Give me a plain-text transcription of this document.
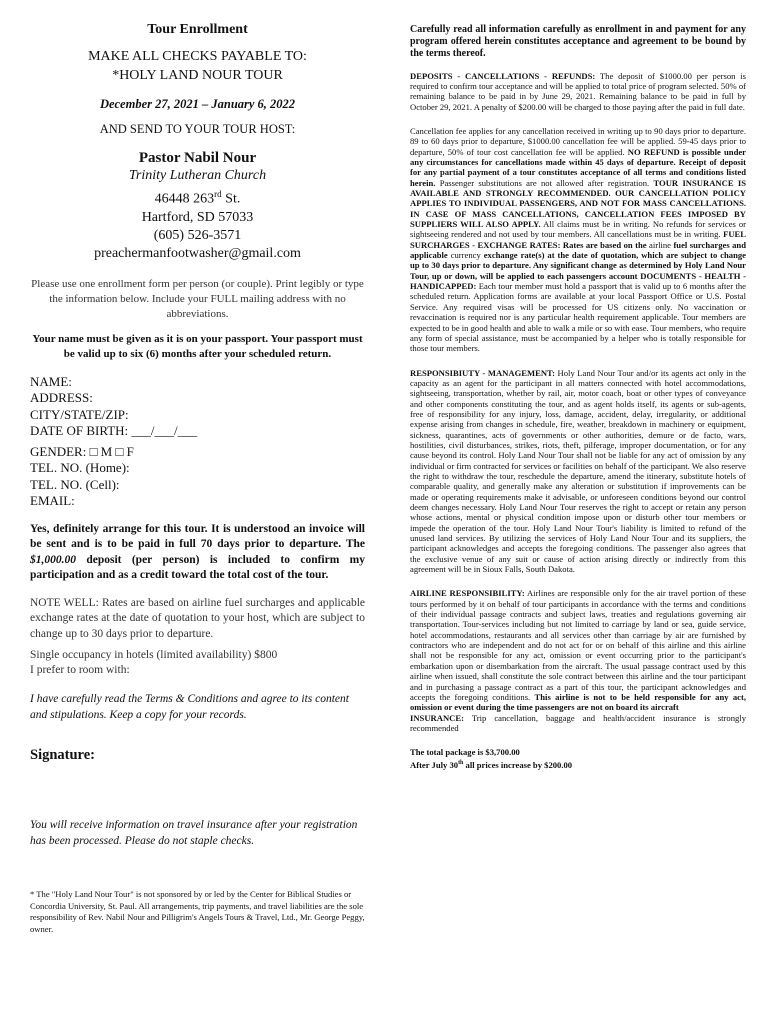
Tour Enrollment
MAKE ALL CHECKS PAYABLE TO:
*HOLY LAND NOUR TOUR
December 27, 2021 – January 6, 2022
AND SEND TO YOUR TOUR HOST:
Pastor Nabil Nour
Trinity Lutheran Church
46448 263rd St.
Hartford, SD 57033
(605) 526-3571
preachermanfootwasher@gmail.com
Please use one enrollment form per person (or couple). Print legibly or type the information below. Include your FULL mailing address with no abbreviations.
Your name must be given as it is on your passport. Your passport must be valid up to six (6) months after your scheduled return.
NAME:
ADDRESS:
CITY/STATE/ZIP:
DATE OF BIRTH: ___/___/___
GENDER: □ M □ F
TEL. NO. (Home):
TEL. NO. (Cell):
EMAIL:
Yes, definitely arrange for this tour. It is understood an invoice will be sent and is to be paid in full 70 days prior to departure. The $1,000.00 deposit (per person) is included to confirm my participation and as a credit toward the total cost of the tour.
NOTE WELL: Rates are based on airline fuel surcharges and applicable exchange rates at the date of quotation to your host, which are subject to change up to 30 days prior to departure.
Single occupancy in hotels (limited availability) $800
I prefer to room with:
I have carefully read the Terms & Conditions and agree to its content and stipulations. Keep a copy for your records.
Signature:
You will receive information on travel insurance after your registration has been processed. Please do not staple checks.
* The "Holy Land Nour Tour" is not sponsored by or led by the Center for Biblical Studies or Concordia University, St. Paul. All arrangements, trip payments, and travel liabilities are the sole responsibility of Rev. Nabil Nour and Pilligrim's Angels Tours & Travel, Ltd., Mr. George Peggy, owner.
Carefully read all information carefully as enrollment in and payment for any program offered herein constitutes acceptance and agreement to be bound by the terms thereof.
DEPOSITS - CANCELLATIONS - REFUNDS: The deposit of $1000.00 per person is required to confirm tour acceptance and will be applied to total price of program selected. 50% of remaining balance to be paid in by June 29, 2021. Remaining balance to be paid in full by October 29, 2021. A penalty of $200.00 will be charged to those paying after the paid in full date.
Cancellation fee applies for any cancellation received in writing up to 90 days prior to departure. 89 to 60 days prior to departure, $1000.00 cancellation fee will be applied. 59-45 days prior to departure, 50% of tour cost cancellation fee will be applied. NO REFUND is possible under any circumstances for cancellations made within 45 days of departure. Receipt of deposit for any partial payment of a tour constitutes acceptance of all terms and conditions listed herein. Passenger substitutions are not allowed after registration. TOUR INSURANCE IS AVAILABLE AND STRONGLY RECOMMENDED. OUR CANCELLATION POLICY APPLIES TO INDIVIDUAL PASSENGERS, AND NOT FOR MASS CANCELLATIONS. IN CASE OF MASS CANCELLATIONS, CANCELLATION FEES IMPOSED BY SUPPLIERS WILL ALSO APPLY. All claims must be in writing. No refunds for services or sightseeing rendered and not used by tour members. All cancellations must be in writing. FUEL SURCHARGES - EXCHANGE RATES: Rates are based on the airline fuel surcharges and applicable currency exchange rate(s) at the date of quotation, which are subject to change up to 30 days prior to departure. Any significant change as determined by Holy Land Nour Tour, up or down, will be applied to each passengers account DOCUMENTS - HEALTH - HANDICAPPED: Each tour member must hold a passport that is valid up to 6 months after the scheduled return. Application forms are available at your local Passport Office or U.S. Postal Service. Any required visas will be processed for US citizens only. No vaccination or revaccination is required nor is any particular health requirement applicable. Tour members are expected to be in good health and able to walk a mile or so with ease. Tour members, who require any form of special assistance, must be accompanied by a helper who is totally responsible for those tour members.
RESPONSIBIUTY - MANAGEMENT: Holy Land Nour Tour and/or its agents act only in the capacity as an agent for the participant in all matters connected with hotel accommodations, sightseeing, transportation, whether by rail, air, motor coach, boat or other types of conveyance and other components constituting the tour, and as agent holds itself, its agents or sub-agents, free of responsibility for any injury, loss, damage, accident, delay, irregularity, or additional expense arising from changes in schedule, fire, weather, breakdown in machinery or equipment, sickness, quarantines, acts of governments or other authorities, demure or de facto, wars, hostilities, civil disturbances, strikes, riots, theft, pilferage, improper documentation, or for any cause beyond its control. Holy Land Nour Tour shall not be liable for any act of omission by any individual or firm contracted for services or facilities on behalf of the participant. We also reserve the right to withdraw the tour, reschedule the departure, amend the itinerary, substitute hotels of comparable quality, and generally make any alteration or substitution if improvements can be made or operating requirements make it advisable, or unforeseen conditions beyond our control deem changes necessary. Holy Land Nour Tour reserves the right to accept or retain any person whose actions, mental or physical condition impose upon or disturb other tour members or impede the operation of the tour. Holy Land Nour Tour's liability is limited to refund of the unused land services. By utilizing the services of Holy Land Nour Tour and its suppliers, the participant acknowledges and accepts the foregoing conditions. The passenger also agrees that the exclusive venue of any suit or cause of action arising directly or indirectly from this agreement will be in Sioux Falls, South Dakota.
AIRLINE RESPONSIBILITY: Airlines are responsible only for the air travel portion of these tours performed by it on behalf of tour participants in accordance with the terms and conditions of their individual passage contracts and subject laws, treaties and regulations governing air transportation. Tour-services including but not limited to carriage by land or sea, guide service, hotel accommodations, restaurants and all services other than carriage by air are furnished by contractors who are independent and do not act for or on behalf of this airline and this airline shall not be responsible for any act, omission or event occurring prior to the participant's embarkation upon or disembarkation from the aircraft. The usual passage contract used by this airline when issued, shall constitute the sole contract between this airline and the tour participant and in purchasing a passage contract as a part of this tour, the participant acknowledges and accepts the foregoing conditions. This airline is not to be held responsible for any act, omission or event during the time passengers are not on board its aircraft
INSURANCE: Trip cancellation, baggage and health/accident insurance is strongly recommended
The total package is $3,700.00
After July 30th all prices increase by $200.00
